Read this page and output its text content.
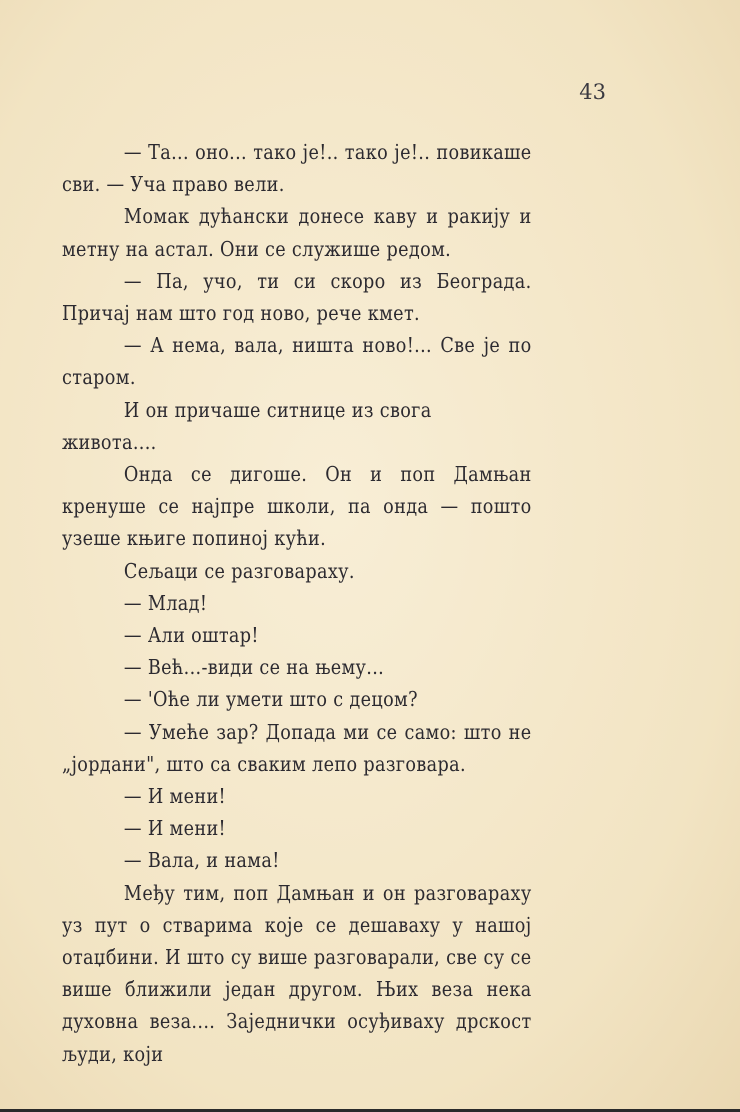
43

— Та... оно... тако је!.. тако је!.. повикаше сви. — Уча право вели.

Момак дућански донесе каву и ракију и метну на астал. Они се служише редом.

— Па, учо, ти си скоро из Београда. Причај нам што год ново, рече кмет.

— А нема, вала, ништа ново!... Све је по старом.

И он причаше ситнице из свога живота....

Онда се дигоше. Он и поп Дамњан кренуше се најпре школи, па онда — пошто узеше књиге попиној кући.

Сељаци се разговараху.

— Млад!

— Али оштар!

— Већ...-види се на њему...

— 'Оће ли умети што с децом?

— Умеће зар? Допада ми се само: што не „јордани", што са сваким лепо разговара.

— И мени!

— И мени!

— Вала, и нама!

Међу тим, поп Дамњан и он разговараху уз пут о стварима које се дешаваху у нашој отаџбини. И што су више разговарали, све су се више ближили један другом. Њих веза нека духовна веза.... Заједнички осуђиваху дрскост људи, који
